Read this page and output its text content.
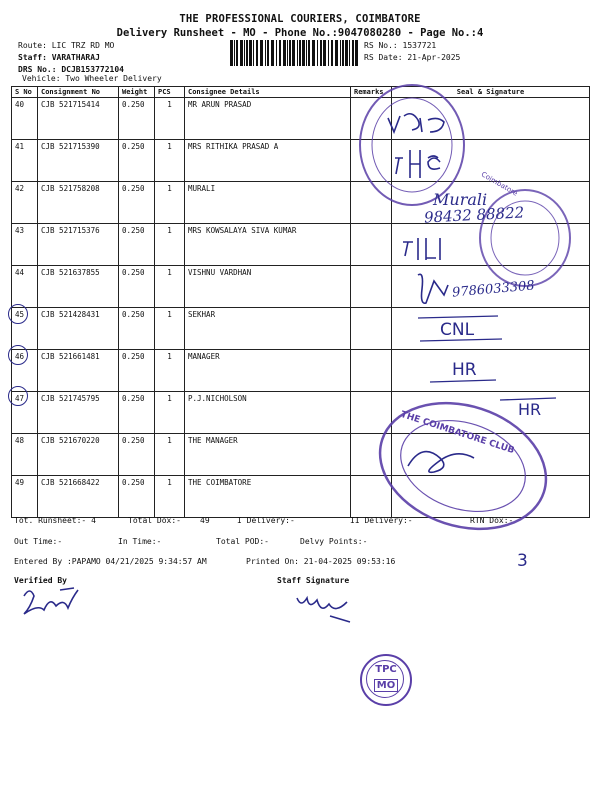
THE PROFESSIONAL COURIERS, COIMBATORE
Delivery Runsheet - MO - Phone No.:9047080280 - Page No.:4
Route: LIC TRZ RD MO
Staff: VARATHARAJ
DRS No.: DCJB153772104
Vehicle: Two Wheeler Delivery
RS No.: 1537721
RS Date: 21-Apr-2025
S No	Consignment No	Weight	PCS	Consignee Details	Remarks	Seal & Signature
40	CJB 521715414	0.250	1	MR ARUN PRASAD		
41	CJB 521715390	0.250	1	MRS RITHIKA PRASAD A		
42	CJB 521758208	0.250	1	MURALI		
43	CJB 521715376	0.250	1	MRS KOWSALAYA SIVA KUMAR		
44	CJB 521637855	0.250	1	VISHNU VARDHAN		
45	CJB 521428431	0.250	1	SEKHAR		
46	CJB 521661481	0.250	1	MANAGER		
47	CJB 521745795	0.250	1	P.J.NICHOLSON		
48	CJB 521670220	0.250	1	THE MANAGER		
49	CJB 521668422	0.250	1	THE COIMBATORE		
Murali
98432 88822
9786033308
CNL
HR
HR
3
Coimbatore
THE COIMBATORE CLUB
Tot. Runsheet:- 4	Total Dox:- 49	I Delivery:-	II Delivery:-	RTN Dox:-
Out Time:-	In Time:-	Total POD:-	Delvy Points:-
Entered By :PAPAMO 04/21/2025 9:34:57 AM	Printed On: 21-04-2025 09:53:16
Verified By	Staff Signature
TPC
MO
